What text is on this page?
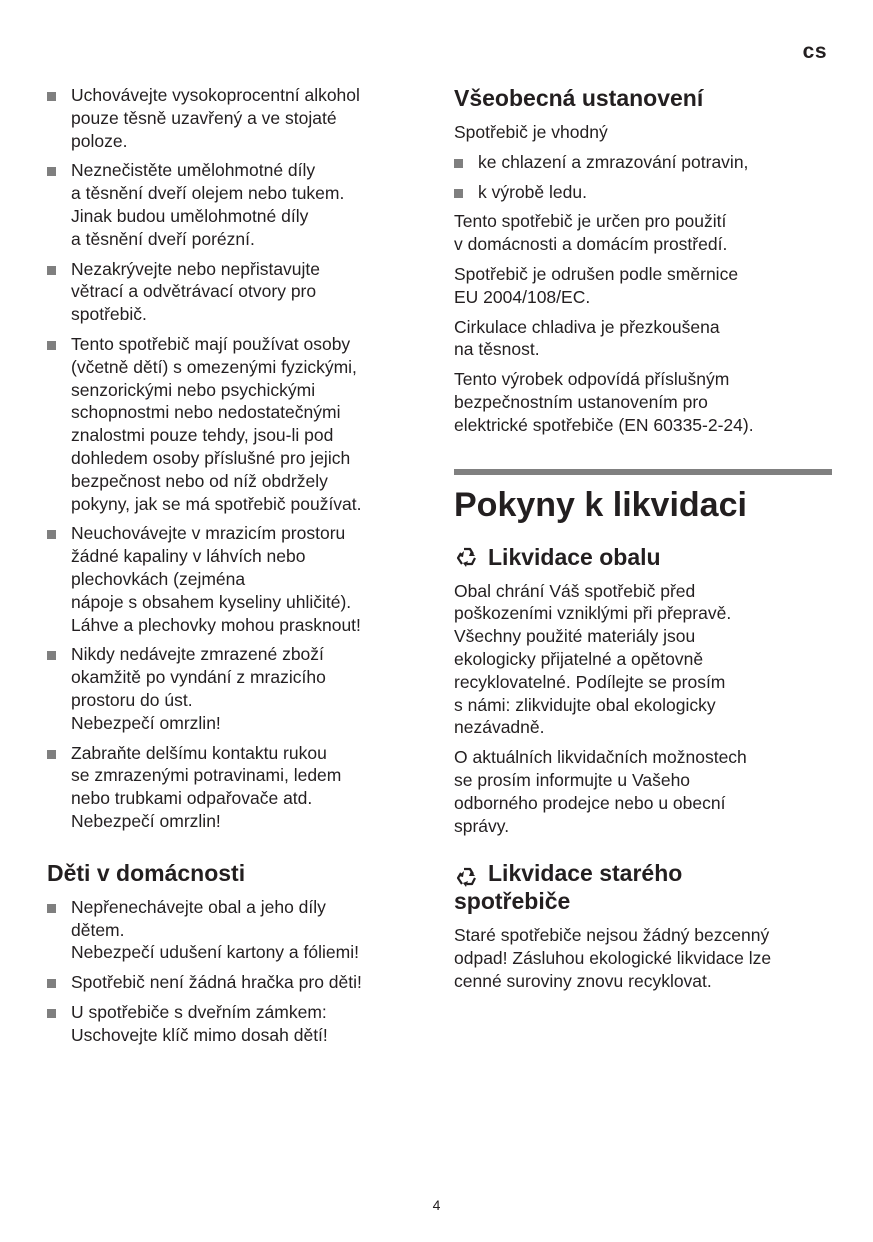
cs
Uchovávejte vysokoprocentní alkohol
pouze těsně uzavřený a ve stojaté
poloze.
Neznečistěte umělohmotné díly
a těsnění dveří olejem nebo tukem.
Jinak budou umělohmotné díly
a těsnění dveří porézní.
Nezakrývejte nebo nepřistavujte
větrací a odvětrávací otvory pro
spotřebič.
Tento spotřebič mají používat osoby
(včetně dětí) s omezenými fyzickými,
senzorickými nebo psychickými
schopnostmi nebo nedostatečnými
znalostmi pouze tehdy, jsou-li pod
dohledem osoby příslušné pro jejich
bezpečnost nebo od níž obdržely
pokyny, jak se má spotřebič používat.
Neuchovávejte v mrazicím prostoru
žádné kapaliny v láhvích nebo
plechovkách (zejména
nápoje s obsahem kyseliny uhličité).
Láhve a plechovky mohou prasknout!
Nikdy nedávejte zmrazené zboží
okamžitě po vyndání z mrazicího
prostoru do úst.
Nebezpečí omrzlin!
Zabraňte delšímu kontaktu rukou
se zmrazenými potravinami, ledem
nebo trubkami odpařovače atd.
Nebezpečí omrzlin!
Děti v domácnosti
Nepřenechávejte obal a jeho díly
dětem.
Nebezpečí udušení kartony a fóliemi!
Spotřebič není žádná hračka pro děti!
U spotřebiče s dveřním zámkem:
Uschovejte klíč mimo dosah dětí!
Všeobecná ustanovení

Spotřebič je vhodný

ke chlazení a zmrazování potravin,
k výrobě ledu.

Tento spotřebič je určen pro použití
v domácnosti a domácím prostředí.

Spotřebič je odrušen podle směrnice
EU 2004/108/EC.

Cirkulace chladiva je přezkoušena
na těsnost.

Tento výrobek odpovídá příslušným
bezpečnostním ustanovením pro
elektrické spotřebiče (EN 60335-2-24).

Pokyny k likvidaci
Likvidace obalu

Obal chrání Váš spotřebič před
poškozeními vzniklými při přepravě.
Všechny použité materiály jsou
ekologicky přijatelné a opětovně
recyklovatelné. Podílejte se prosím
s námi: zlikvidujte obal ekologicky
nezávadně.

O aktuálních likvidačních možnostech
se prosím informujte u Vašeho
odborného prodejce nebo u obecní
správy.

Likvidace starého
spotřebiče

Staré spotřebiče nejsou žádný bezcenný
odpad! Zásluhou ekologické likvidace lze
cenné suroviny znovu recyklovat.

4
